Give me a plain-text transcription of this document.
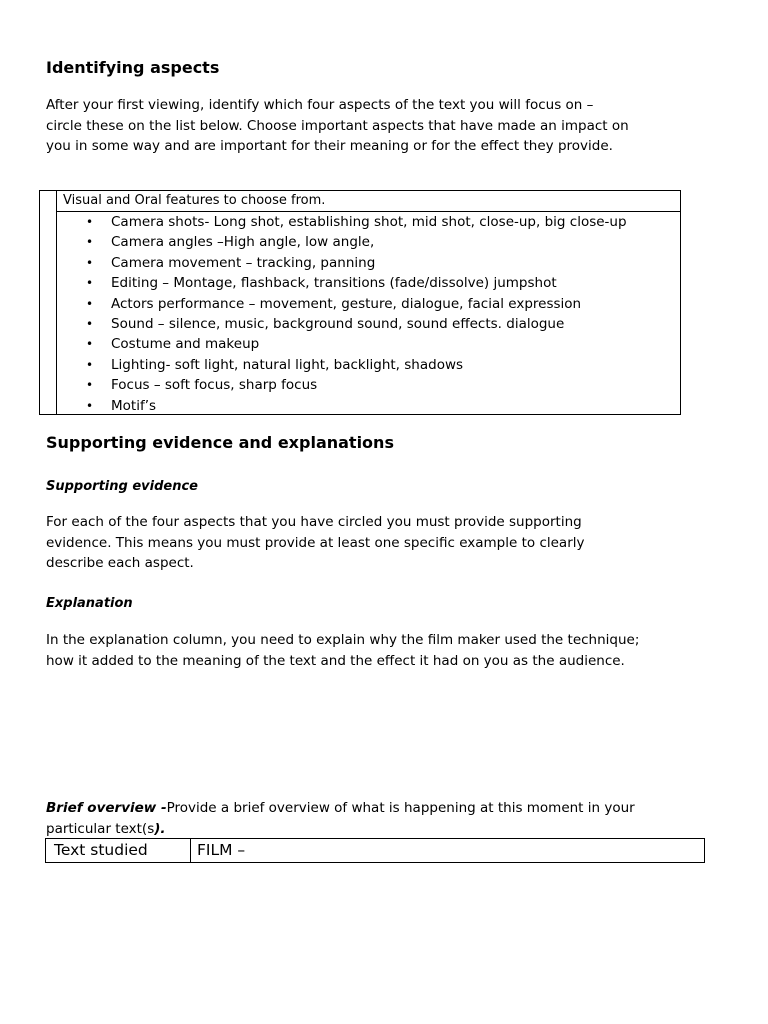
Identifying aspects
After your first viewing, identify which four aspects of the text you will focus on –
circle these on the list below. Choose important aspects that have made an impact on
you in some way and are important for their meaning or for the effect they provide.
Visual and Oral features to choose from.
• Camera shots- Long shot, establishing shot, mid shot, close-up, big close-up
• Camera angles –High angle, low angle,
• Camera movement – tracking, panning
• Editing – Montage, flashback, transitions (fade/dissolve) jumpshot
• Actors performance – movement, gesture, dialogue, facial expression
• Sound – silence, music, background sound, sound effects. dialogue
• Costume and makeup
• Lighting- soft light, natural light, backlight, shadows
• Focus – soft focus, sharp focus
• Motif’s
Supporting evidence and explanations
Supporting evidence
For each of the four aspects that you have circled you must provide supporting
evidence. This means you must provide at least one specific example to clearly
describe each aspect.
Explanation
In the explanation column, you need to explain why the film maker used the technique;
how it added to the meaning of the text and the effect it had on you as the audience.
Brief overview -Provide a brief overview of what is happening at this moment in your
particular text(s).
Text studied	FILM –
